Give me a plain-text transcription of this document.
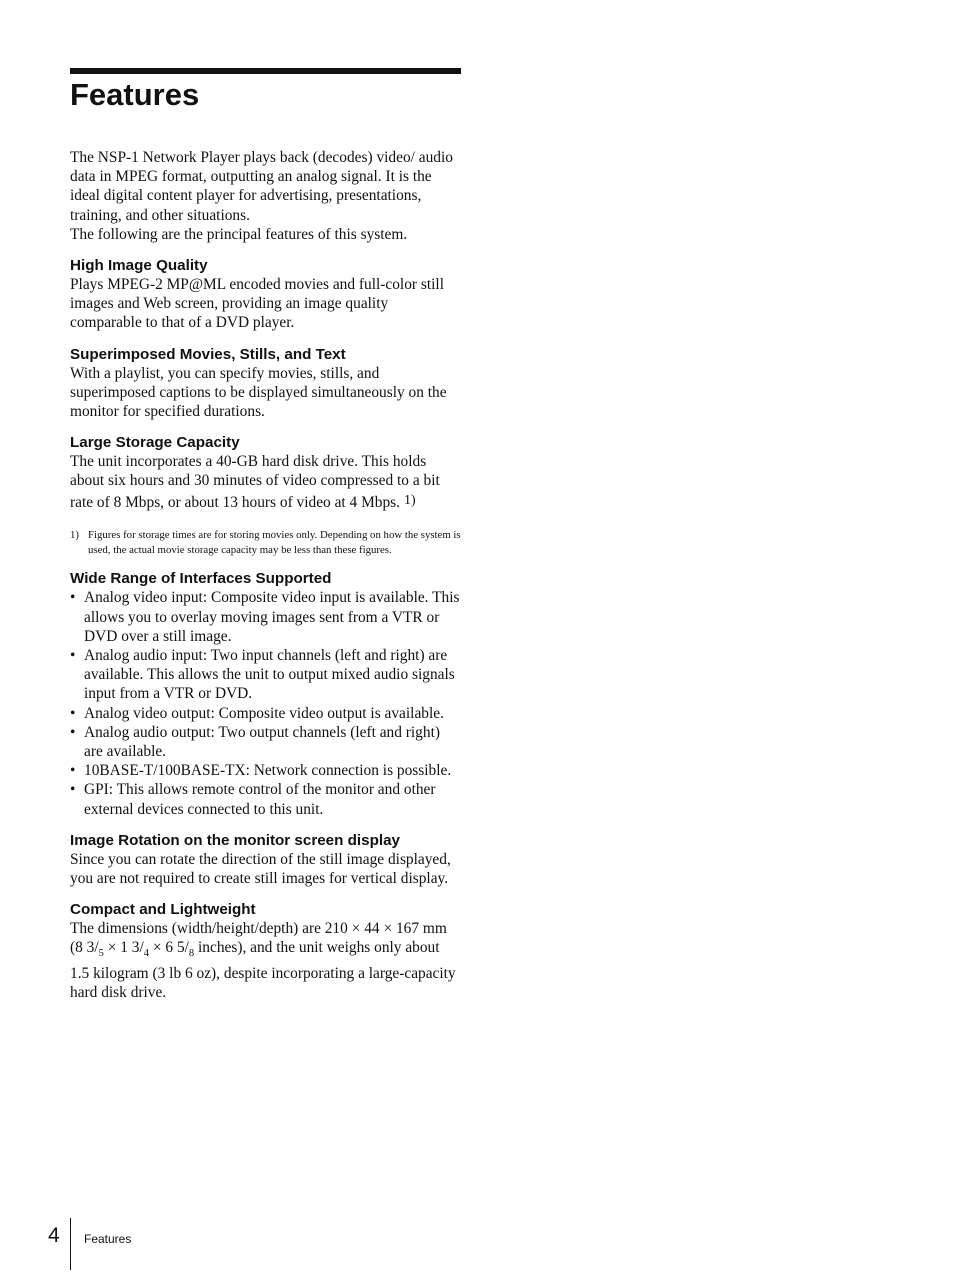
Features

The NSP-1 Network Player plays back (decodes) video/ audio data in MPEG format, outputting an analog signal. It is the ideal digital content player for advertising, presentations, training, and other situations.

The following are the principal features of this system.

High Image Quality

Plays MPEG-2 MP@ML encoded movies and full-color still images and Web screen, providing an image quality comparable to that of a DVD player.

Superimposed Movies, Stills, and Text

With a playlist, you can specify movies, stills, and superimposed captions to be displayed simultaneously on the monitor for specified durations.

Large Storage Capacity

The unit incorporates a 40-GB hard disk drive. This holds about six hours and 30 minutes of video compressed to a bit rate of 8 Mbps, or about 13 hours of video at 4 Mbps. 1)

1) Figures for storage times are for storing movies only. Depending on how the system is used, the actual movie storage capacity may be less than these figures.
Wide Range of Interfaces Supported
• Analog video input: Composite video input is available. This allows you to overlay moving images sent from a VTR or DVD over a still image.
• Analog audio input: Two input channels (left and right) are available. This allows the unit to output mixed audio signals input from a VTR or DVD.
• Analog video output: Composite video output is available.
• Analog audio output: Two output channels (left and right) are available.
• 10BASE-T/100BASE-TX: Network connection is possible.
• GPI: This allows remote control of the monitor and other external devices connected to this unit.
Image Rotation on the monitor screen display

Since you can rotate the direction of the still image displayed, you are not required to create still images for vertical display.

Compact and Lightweight

The dimensions (width/height/depth) are 210 × 44 × 167 mm (8 $3/_5 \times 1$ $3/_4 \times 6$ $5/_8$ inches), and the unit weighs only about 1.5 kilogram (3 lb 6 oz), despite incorporating a large-capacity hard disk drive.

4 Features
